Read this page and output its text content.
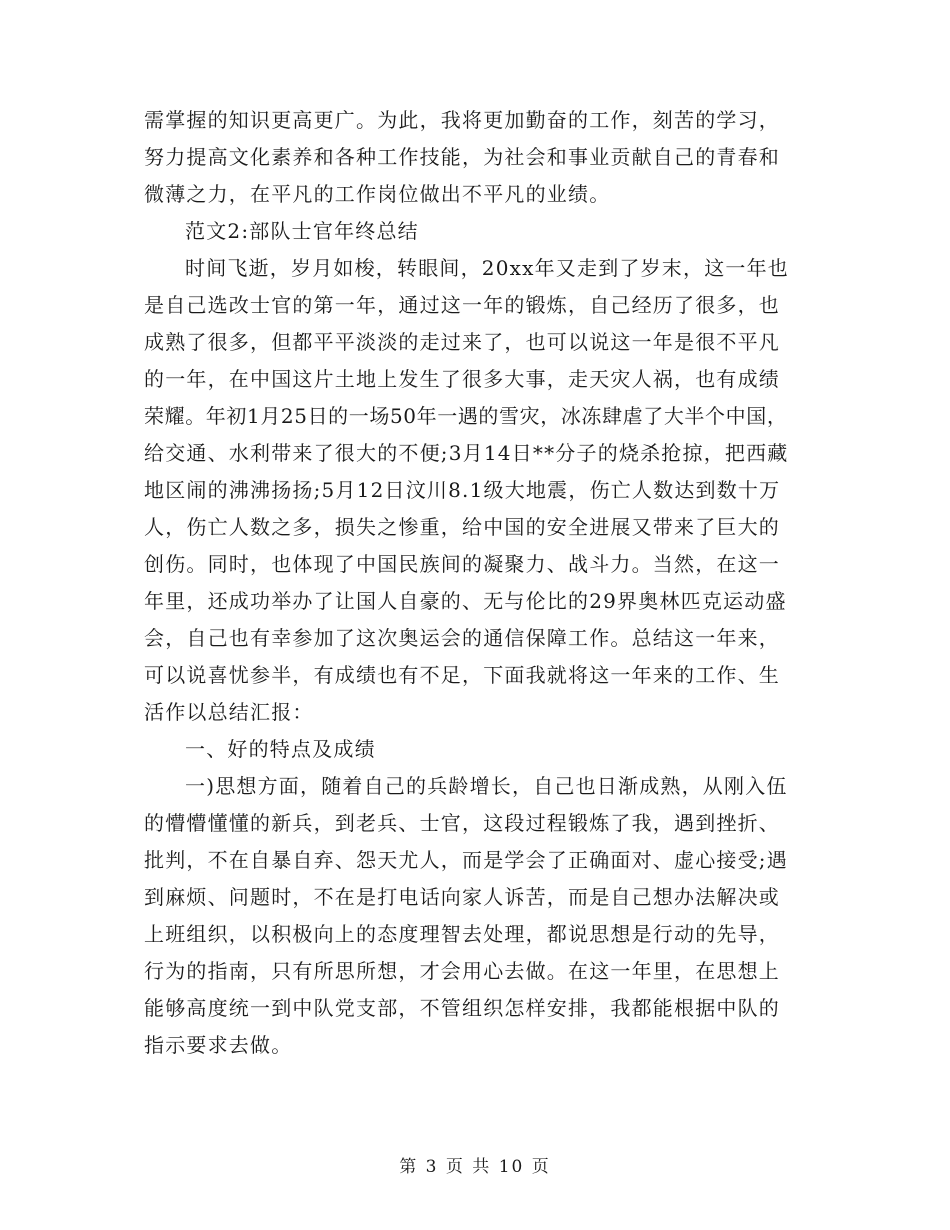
需掌握的知识更高更广。为此，我将更加勤奋的工作，刻苦的学习，
努力提高文化素养和各种工作技能，为社会和事业贡献自己的青春和
微薄之力，在平凡的工作岗位做出不平凡的业绩。
范文2:部队士官年终总结
时间飞逝，岁月如梭，转眼间，20xx年又走到了岁末，这一年也
是自己选改士官的第一年，通过这一年的锻炼，自己经历了很多，也
成熟了很多，但都平平淡淡的走过来了，也可以说这一年是很不平凡
的一年，在中国这片土地上发生了很多大事，走天灾人祸，也有成绩
荣耀。年初1月25日的一场50年一遇的雪灾，冰冻肆虐了大半个中国，
给交通、水利带来了很大的不便;3月14日**分子的烧杀抢掠，把西藏
地区闹的沸沸扬扬;5月12日汶川8.1级大地震，伤亡人数达到数十万
人，伤亡人数之多，损失之惨重，给中国的安全进展又带来了巨大的
创伤。同时，也体现了中国民族间的凝聚力、战斗力。当然，在这一
年里，还成功举办了让国人自豪的、无与伦比的29界奥林匹克运动盛
会，自己也有幸参加了这次奥运会的通信保障工作。总结这一年来，
可以说喜忧参半，有成绩也有不足，下面我就将这一年来的工作、生
活作以总结汇报：
一、好的特点及成绩
一)思想方面，随着自己的兵龄增长，自己也日渐成熟，从刚入伍
的懵懵懂懂的新兵，到老兵、士官，这段过程锻炼了我，遇到挫折、
批判，不在自暴自弃、怨天尤人，而是学会了正确面对、虚心接受;遇
到麻烦、问题时，不在是打电话向家人诉苦，而是自己想办法解决或
上班组织，以积极向上的态度理智去处理，都说思想是行动的先导，
行为的指南，只有所思所想，才会用心去做。在这一年里，在思想上
能够高度统一到中队党支部，不管组织怎样安排，我都能根据中队的
指示要求去做。
第 3 页 共 10 页
